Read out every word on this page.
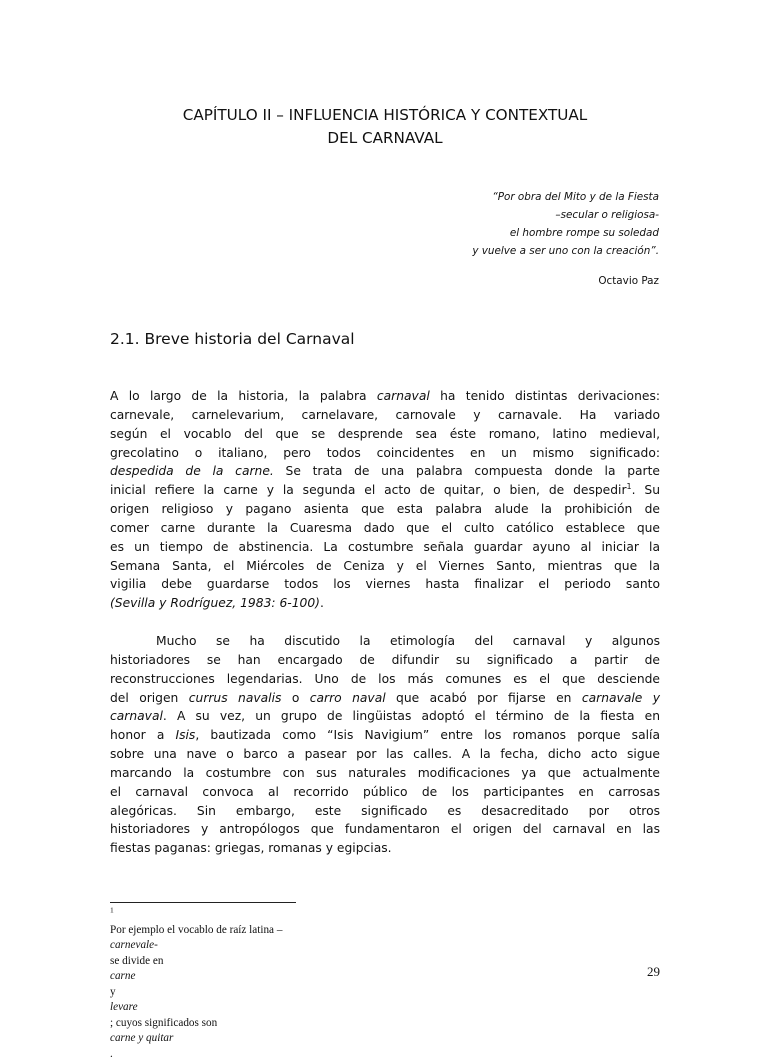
CAPÍTULO II – INFLUENCIA HISTÓRICA Y CONTEXTUAL
DEL CARNAVAL
“Por obra del Mito y de la Fiesta
–secular o religiosa-
el hombre rompe su soledad
y vuelve a ser uno con la creación”.
Octavio Paz
2.1. Breve historia del Carnaval
A lo largo de la historia, la palabra carnaval ha tenido distintas derivaciones:
carnevale, carnelevarium, carnelavare, carnovale y carnavale. Ha variado
según el vocablo del que se desprende sea éste romano, latino medieval,
grecolatino o italiano, pero todos coincidentes en un mismo significado:
despedida de la carne. Se trata de una palabra compuesta donde la parte
inicial refiere la carne y la segunda el acto de quitar, o bien, de despedir$^1$. Su
origen religioso y pagano asienta que esta palabra alude la prohibición de
comer carne durante la Cuaresma dado que el culto católico establece que
es un tiempo de abstinencia. La costumbre señala guardar ayuno al iniciar la
Semana Santa, el Miércoles de Ceniza y el Viernes Santo, mientras que la
vigilia debe guardarse todos los viernes hasta finalizar el periodo santo
(Sevilla y Rodríguez, 1983: 6-100).
Mucho se ha discutido la etimología del carnaval y algunos
historiadores se han encargado de difundir su significado a partir de
reconstrucciones legendarias. Uno de los más comunes es el que desciende
del origen currus navalis o carro naval que acabó por fijarse en carnavale y
carnaval. A su vez, un grupo de lingüistas adoptó el término de la fiesta en
honor a Isis, bautizada como “Isis Navigium” entre los romanos porque salía
sobre una nave o barco a pasear por las calles. A la fecha, dicho acto sigue
marcando la costumbre con sus naturales modificaciones ya que actualmente
el carnaval convoca al recorrido público de los participantes en carrosas
alegóricas. Sin embargo, este significado es desacreditado por otros
historiadores y antropólogos que fundamentaron el origen del carnaval en las
fiestas paganas: griegas, romanas y egipcias.
$^1$
Por ejemplo el vocablo de raíz latina –
carnevale-
se divide en
carne
y
levare
; cuyos significados son
carne y quitar
.
29
